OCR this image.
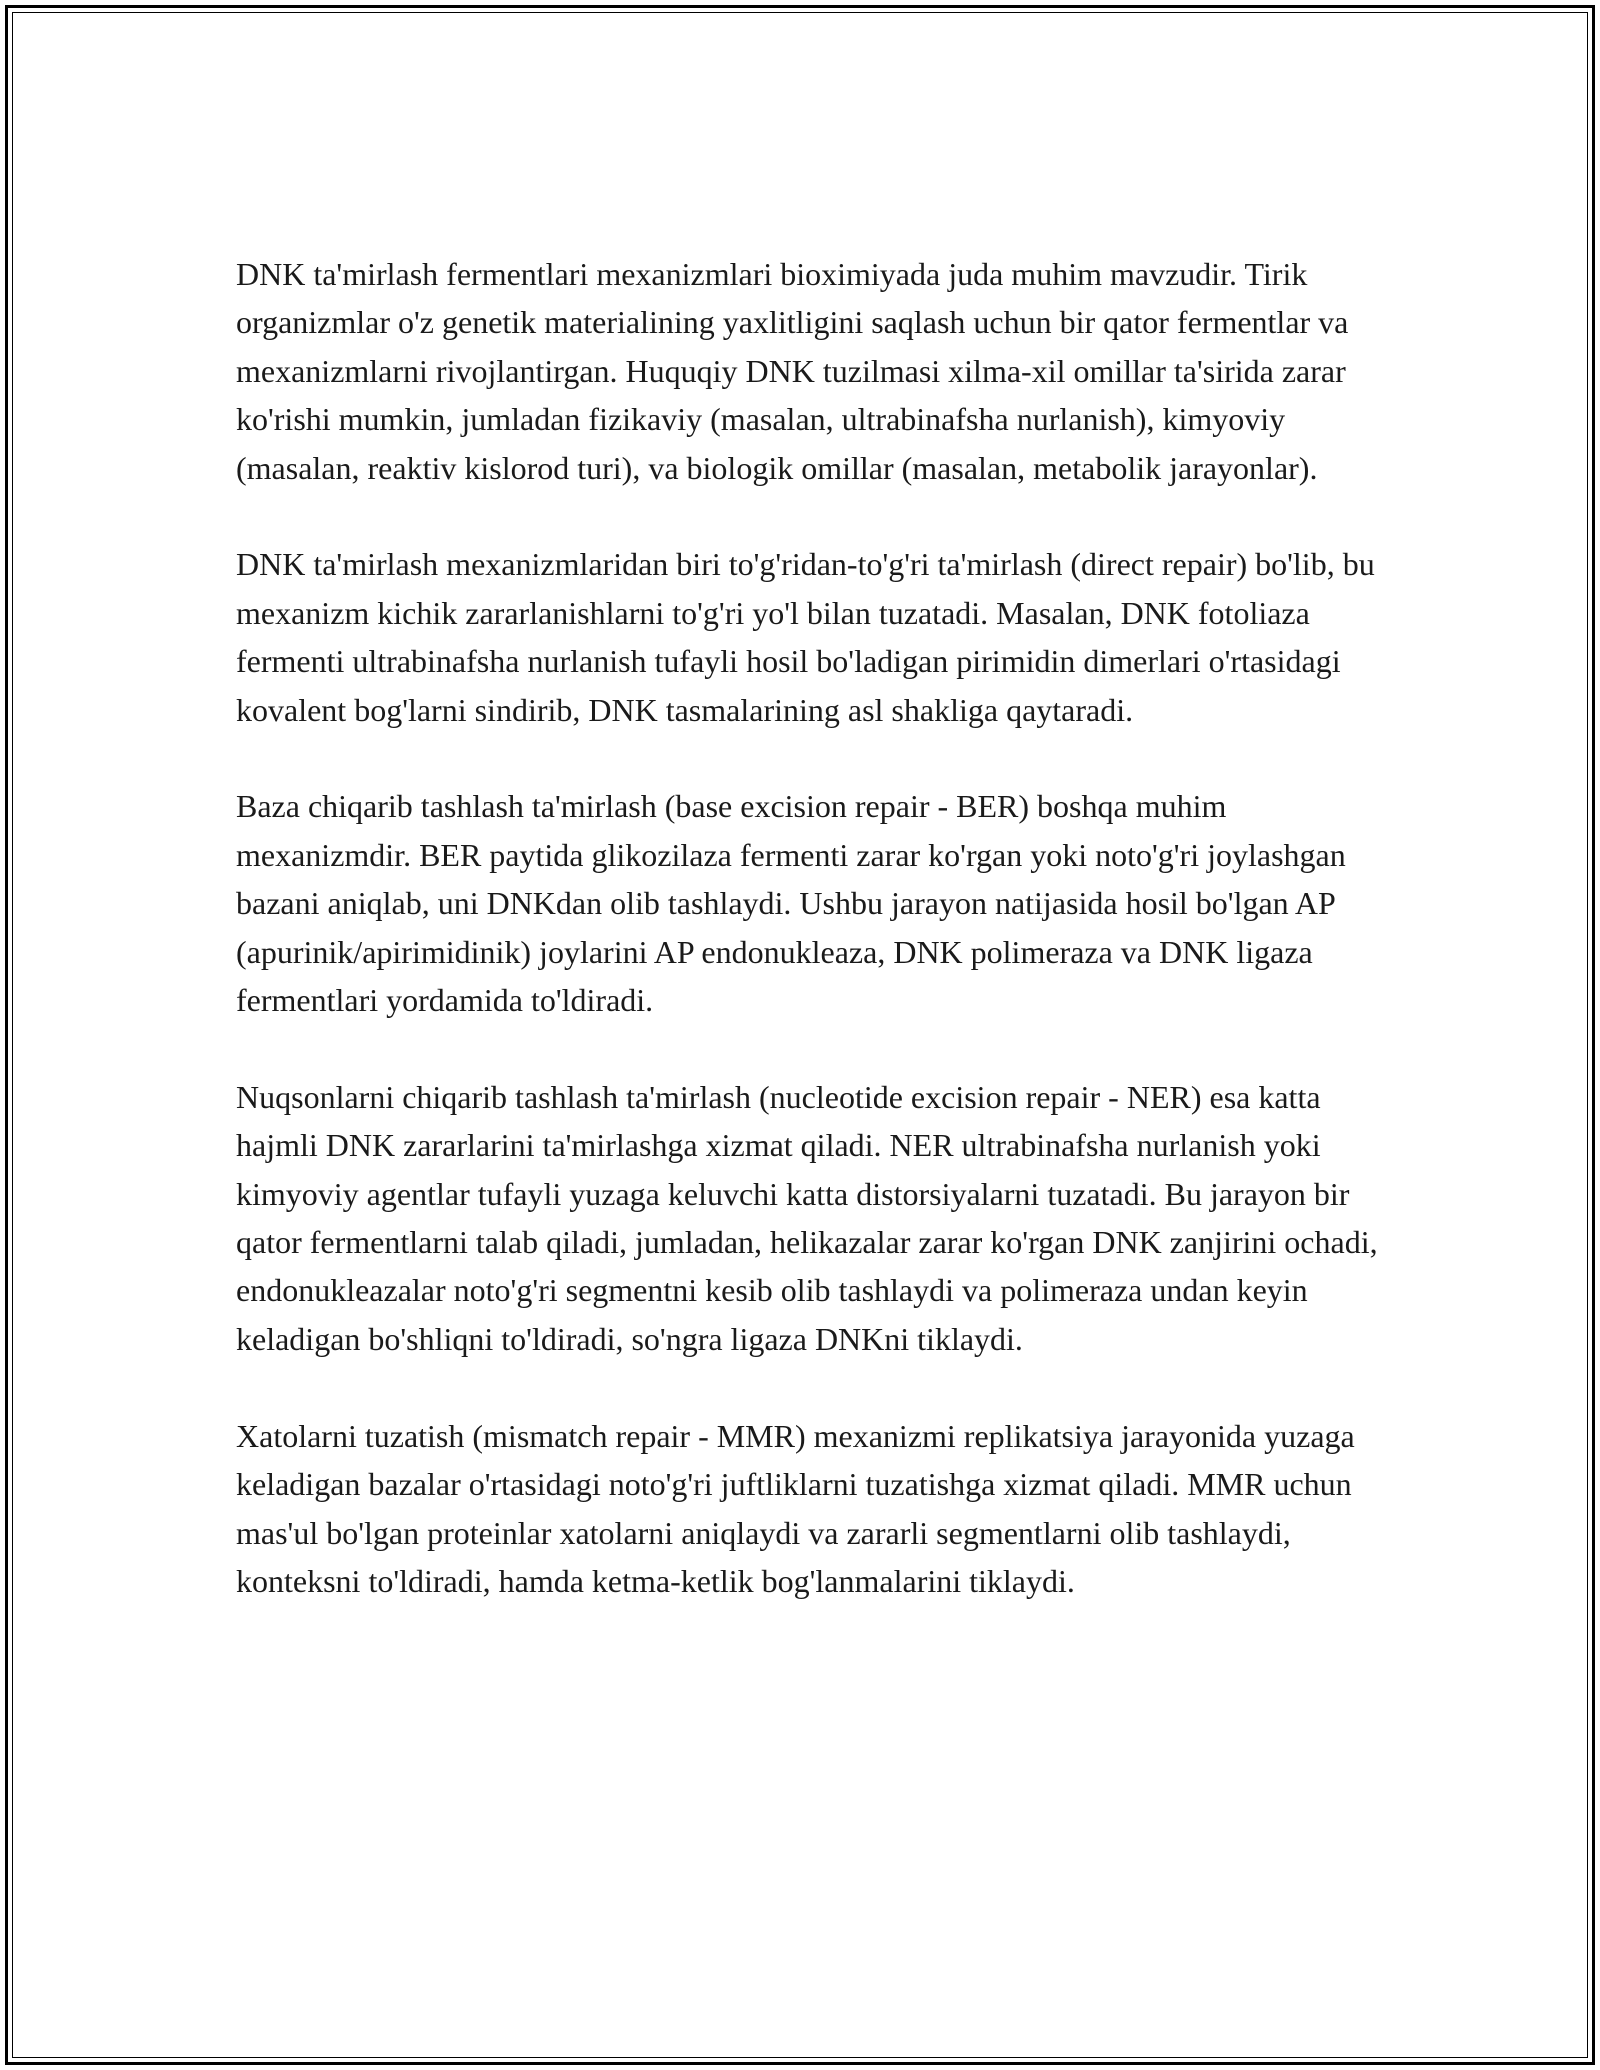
DNK ta'mirlash fermentlari mexanizmlari bioximiyada juda muhim mavzudir. Tirik organizmlar o'z genetik materialining yaxlitligini saqlash uchun bir qator fermentlar va mexanizmlarni rivojlantirgan. Huquqiy DNK tuzilmasi xilma-xil omillar ta'sirida zarar ko'rishi mumkin, jumladan fizikaviy (masalan, ultrabinafsha nurlanish), kimyoviy (masalan, reaktiv kislorod turi), va biologik omillar (masalan, metabolik jarayonlar).

DNK ta'mirlash mexanizmlaridan biri to'g'ridan-to'g'ri ta'mirlash (direct repair) bo'lib, bu mexanizm kichik zararlanishlarni to'g'ri yo'l bilan tuzatadi. Masalan, DNK fotoliaza fermenti ultrabinafsha nurlanish tufayli hosil bo'ladigan pirimidin dimerlari o'rtasidagi kovalent bog'larni sindirib, DNK tasmalarining asl shakliga qaytaradi.

Baza chiqarib tashlash ta'mirlash (base excision repair - BER) boshqa muhim mexanizmdir. BER paytida glikozilaza fermenti zarar ko'rgan yoki noto'g'ri joylashgan bazani aniqlab, uni DNKdan olib tashlaydi. Ushbu jarayon natijasida hosil bo'lgan AP (apurinik/apirimidinik) joylarini AP endonukleaza, DNK polimeraza va DNK ligaza fermentlari yordamida to'ldiradi.

Nuqsonlarni chiqarib tashlash ta'mirlash (nucleotide excision repair - NER) esa katta hajmli DNK zararlarini ta'mirlashga xizmat qiladi. NER ultrabinafsha nurlanish yoki kimyoviy agentlar tufayli yuzaga keluvchi katta distorsiyalarni tuzatadi. Bu jarayon bir qator fermentlarni talab qiladi, jumladan, helikazalar zarar ko'rgan DNK zanjirini ochadi, endonukleazalar noto'g'ri segmentni kesib olib tashlaydi va polimeraza undan keyin keladigan bo'shliqni to'ldiradi, so'ngra ligaza DNKni tiklaydi.

Xatolarni tuzatish (mismatch repair - MMR) mexanizmi replikatsiya jarayonida yuzaga keladigan bazalar o'rtasidagi noto'g'ri juftliklarni tuzatishga xizmat qiladi. MMR uchun mas'ul bo'lgan proteinlar xatolarni aniqlaydi va zararli segmentlarni olib tashlaydi, konteksni to'ldiradi, hamda ketma-ketlik bog'lanmalarini tiklaydi.
